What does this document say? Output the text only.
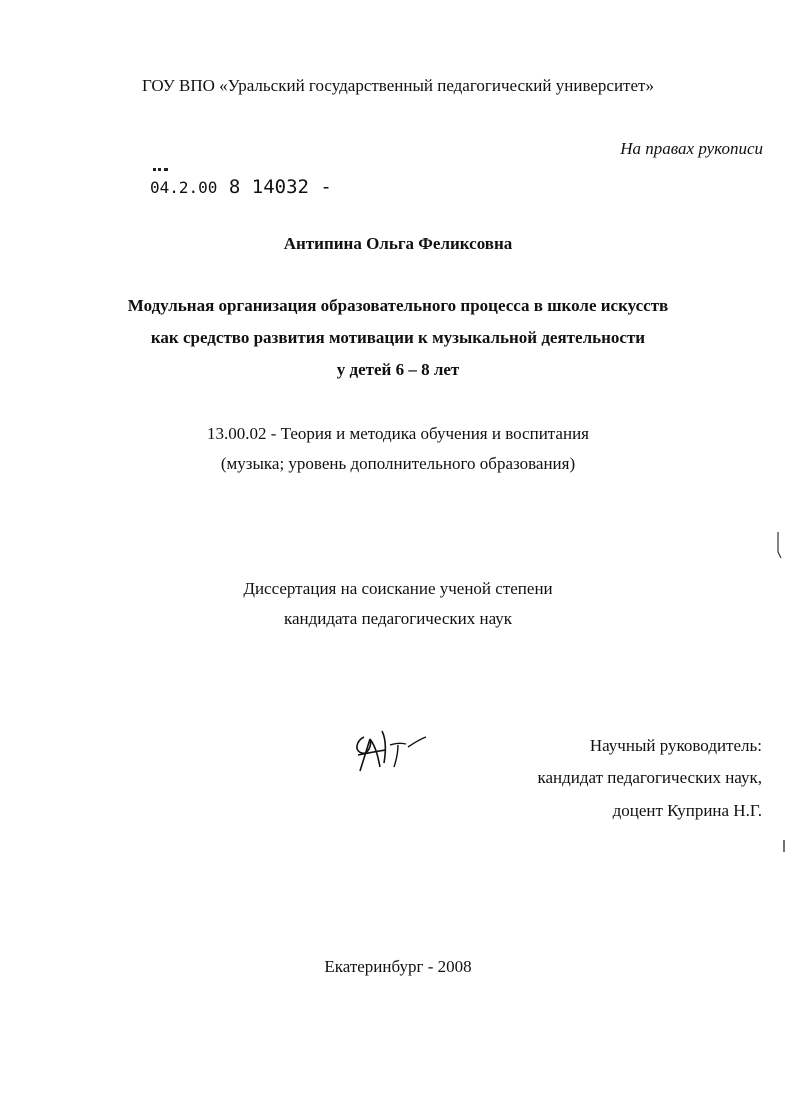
ГОУ ВПО «Уральский государственный педагогический университет»
На правах рукописи
04.2.00 8 14032 -
Антипина Ольга Феликсовна
Модульная организация образовательного процесса в школе искусств
как средство развития мотивации к музыкальной деятельности
у детей 6 – 8 лет
13.00.02 - Теория и методика обучения и воспитания
(музыка; уровень дополнительного образования)
Диссертация на соискание ученой степени
кандидата педагогических наук
Научный руководитель:
кандидат педагогических наук,
доцент Куприна Н.Г.
Екатеринбург - 2008
